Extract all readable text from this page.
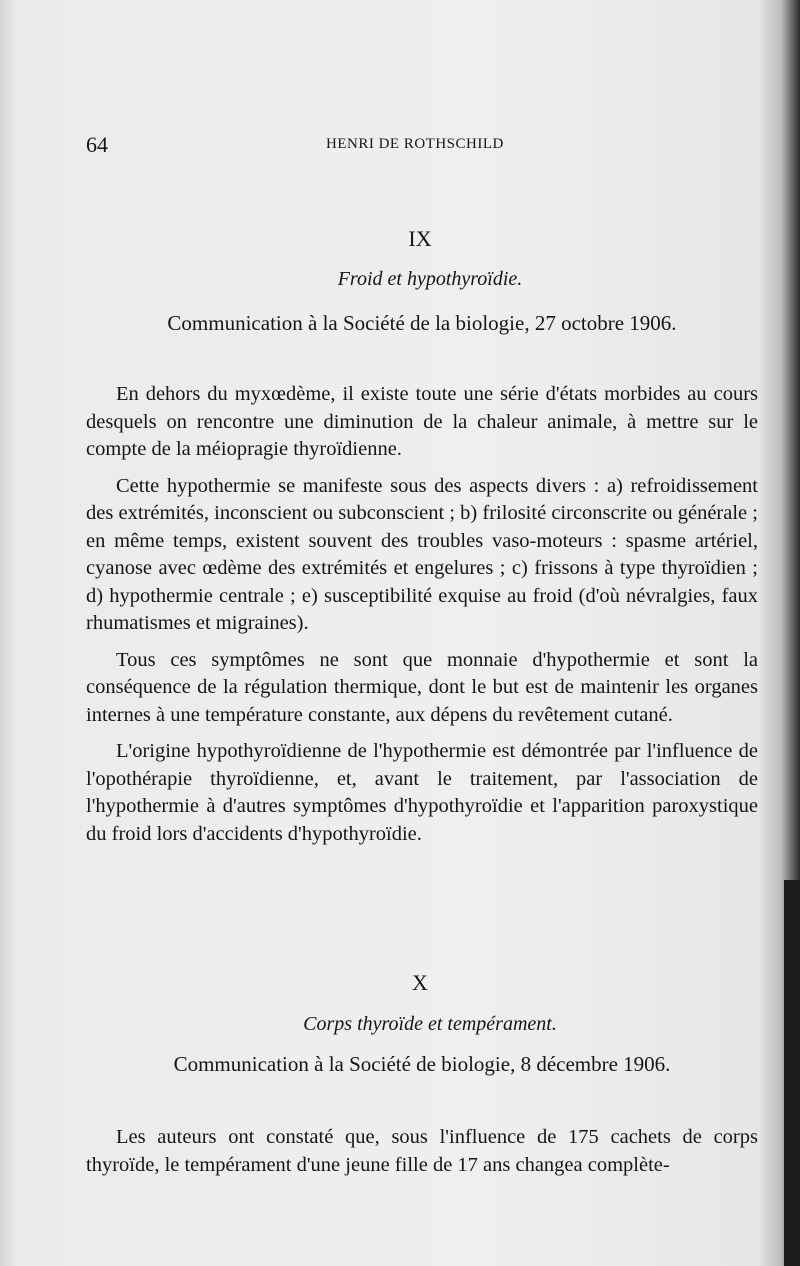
64	HENRI DE ROTHSCHILD
IX
Froid et hypothyroïdie.
Communication à la Société de la biologie, 27 octobre 1906.

En dehors du myxœdème, il existe toute une série d'états morbides au cours desquels on rencontre une diminution de la chaleur animale, à mettre sur le compte de la méiopragie thyroïdienne.

Cette hypothermie se manifeste sous des aspects divers : a) refroidissement des extrémités, inconscient ou subconscient ; b) frilosité circonscrite ou générale ; en même temps, existent souvent des troubles vaso-moteurs : spasme artériel, cyanose avec œdème des extrémités et engelures ; c) frissons à type thyroïdien ; d) hypothermie centrale ; e) susceptibilité exquise au froid (d'où névralgies, faux rhumatismes et migraines).

Tous ces symptômes ne sont que monnaie d'hypothermie et sont la conséquence de la régulation thermique, dont le but est de maintenir les organes internes à une température constante, aux dépens du revêtement cutané.

L'origine hypothyroïdienne de l'hypothermie est démontrée par l'influence de l'opothérapie thyroïdienne, et, avant le traitement, par l'association de l'hypothermie à d'autres symptômes d'hypothyroïdie et l'apparition paroxystique du froid lors d'accidents d'hypothyroïdie.

X
Corps thyroïde et tempérament.
Communication à la Société de biologie, 8 décembre 1906.

Les auteurs ont constaté que, sous l'influence de 175 cachets de corps thyroïde, le tempérament d'une jeune fille de 17 ans changea complète-
